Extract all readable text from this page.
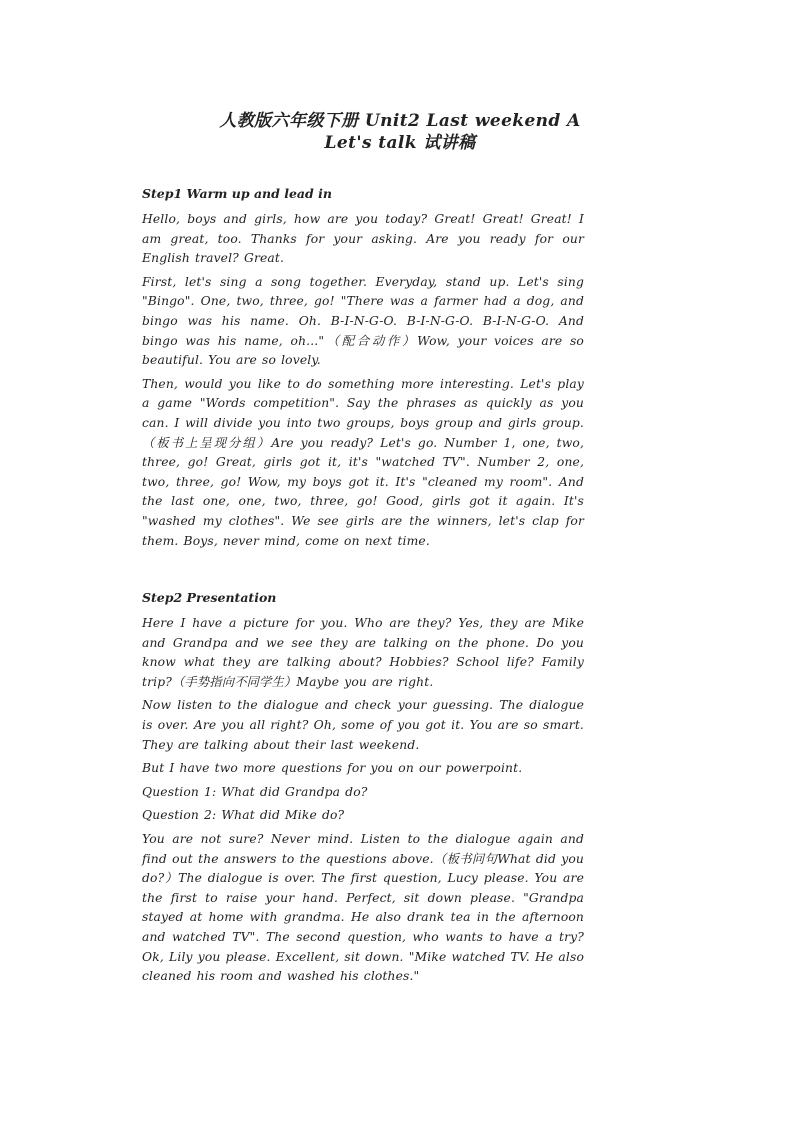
人教版六年级下册 Unit2 Last weekend A
Let's talk 试讲稿

Step1 Warm up and lead in

Hello, boys and girls, how are you today? Great! Great! Great! I am great, too. Thanks for your asking. Are you ready for our English travel? Great.

First, let's sing a song together. Everyday, stand up. Let's sing "Bingo". One, two, three, go! "There was a farmer had a dog, and bingo was his name. Oh. B-I-N-G-O. B-I-N-G-O. B-I-N-G-O. And bingo was his name, oh..."（配合动作）Wow, your voices are so beautiful. You are so lovely.

Then, would you like to do something more interesting. Let's play a game "Words competition". Say the phrases as quickly as you can. I will divide you into two groups, boys group and girls group.（板书上呈现分组）Are you ready? Let's go. Number 1, one, two, three, go! Great, girls got it, it's "watched TV". Number 2, one, two, three, go! Wow, my boys got it. It's "cleaned my room". And the last one, one, two, three, go! Good, girls got it again. It's "washed my clothes". We see girls are the winners, let's clap for them. Boys, never mind, come on next time.

Step2 Presentation

Here I have a picture for you. Who are they? Yes, they are Mike and Grandpa and we see they are talking on the phone. Do you know what they are talking about? Hobbies? School life? Family trip?（手势指向不同学生）Maybe you are right.

Now listen to the dialogue and check your guessing. The dialogue is over. Are you all right? Oh, some of you got it. You are so smart. They are talking about their last weekend.

But I have two more questions for you on our powerpoint.

Question 1: What did Grandpa do?

Question 2: What did Mike do?

You are not sure? Never mind. Listen to the dialogue again and find out the answers to the questions above.（板书问句What did you do?）The dialogue is over. The first question, Lucy please. You are the first to raise your hand. Perfect, sit down please. "Grandpa stayed at home with grandma. He also drank tea in the afternoon and watched TV". The second question, who wants to have a try? Ok, Lily you please. Excellent, sit down. "Mike watched TV. He also cleaned his room and washed his clothes."
